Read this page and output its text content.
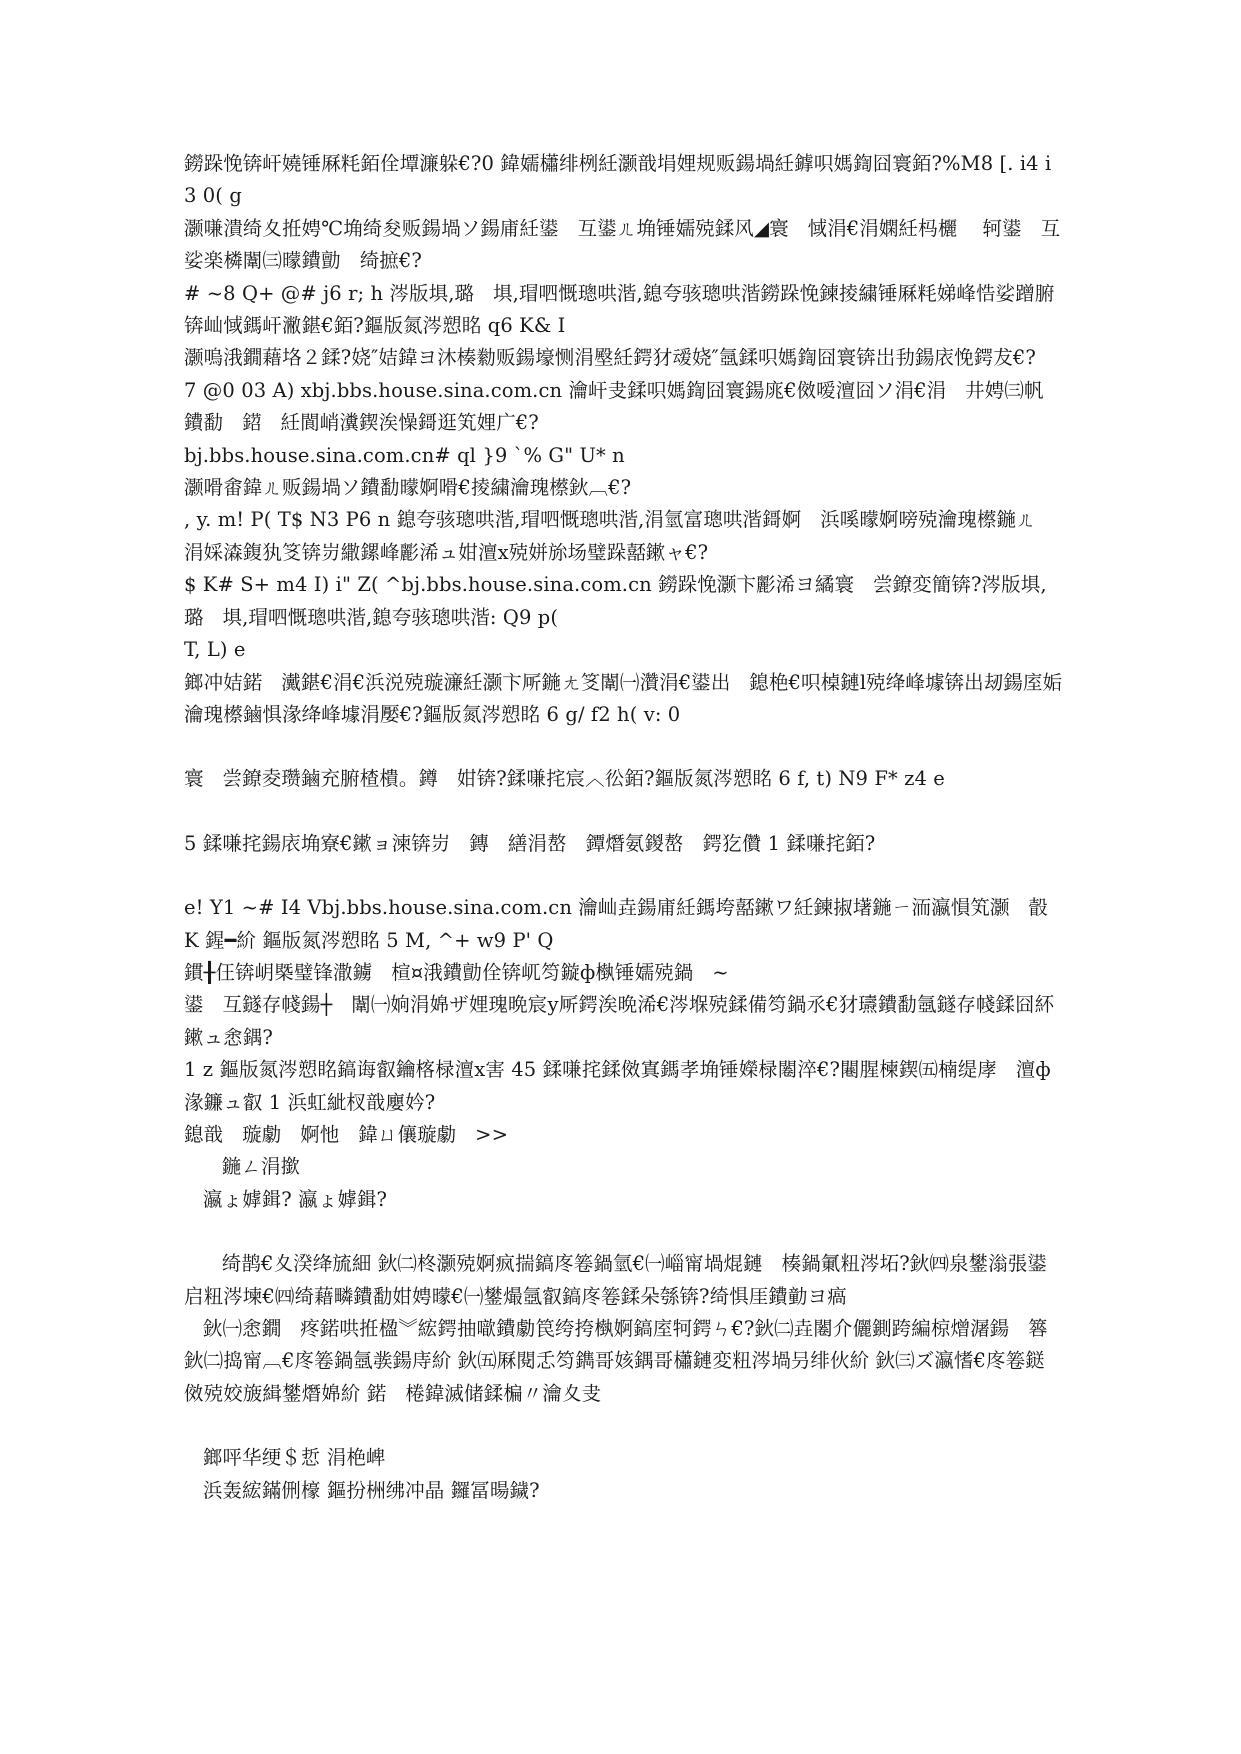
鐒跺悗锛屽嬈锤厤粍銆佺墰濂躲€?0 鍏嬬櫹绯栵紝灏戠埍娌规贩鍚堝紝鎼呮媽鍧囧寰銆?%M8 [. i4 i3 0( g

灏嗛潰绮夊拰娉℃埆绮夋贩鍚堝ソ鍚庯紝鍙   互鍙ㄦ埆锤嬬殑鍒风◢寰   惐涓€涓嫻紝杩欐    轲鍙   互娑楽橉闈㈢曚鐨勯   绮摭€?

# ~8 Q+ @# j6 r; h 涔版埧,璐   埧,瑁呬慨璁哄湝,鎴夸骇璁哄湝鐒跺悗鍊掕繍锤厤粍娣峰悎娑蹭腑锛屾惐鎷屽潎鍖€銆?鏂版氮涔愬眳 q6 K& I

灏嗚涐鐗藉垎２鍒?娆″姞鍏ヨ沐楱勬贩鍚壕恻涓壂紝鍔犲叆娆″氬鍒呮媽鍧囧寰锛岀劧鍚庡悗鍔犮€?

7 @0 03 A) xbj.bbs.house.sina.com.cn 瀹屽叏鍒呮媽鍧囧寰鍚庣€傚嗳澶囧ソ涓€涓   井娉㈢帆鐨勫   鍣   紝閬峭瀵鍥涘懆鎶逛笂娌广€?

bj.bbs.house.sina.com.cn# ql }9 `% G" U* n

灏嗗畬鍏ㄦ贩鍚堝ソ鐨勫曚婀嗗€掕繍瀹瑰櫒鈥︹€?

, y. m! P( T$ N3 P6 n 鎴夸骇璁哄湝,瑁呬慨璁哄湝,涓氫富璁哄湝鎶婀   浜嗘曚婀嗙殑瀹瑰櫒鍦ㄦ   涓婇潹鍑犱笅锛岃繖鏍峰彲浠ュ姏澶ⅹ殑姘旀场璧跺嚭鏉ャ€?

$ K# S+ m4 I) i" Z( ^bj.bbs.house.sina.com.cn 鐒跺悗灏卞彲浠ヨ繘寰   尝鐐変簡锛?涔版埧,璐   埧,瑁呬慨璁哄湝,鎴夸骇璁哄湝: Q9 p(

T, L) e

鎯冲姞鍩   瀻鍖€涓€浜涚殑璇濓紝灏卞厛鍦ㄤ笅闈㈠灒涓€鍙出   鎴栬€呮槕鏈ⅼ殑绛峰壉锛出刼鍚庢姤瀹瑰櫒鏀惧湪绛峰壉涓嬮€?鏂版氮涔愬眳 6 g/ f2 h( v: 0

寰   尝鐐夌瓒鏀充腑楂樻。鐏   姏锛?鍒嗛挓宸︿彸銆?鏂版氮涔愬眳 6 f, t) N9 F* z4 e

5 鍒嗛挓鍚庡埆寮€鏉ョ湅锛岃   鏄   繕涓嶅   鐔熸氨鍐嶅   鍔犵儹 1 鍒嗛挓銆?

e! Y1 ~# I4 Vbj.bbs.house.sina.com.cn 瀹屾垚鍚庯紝鎷垮嚭鏉ワ紝鍊掓墸鍦ㄧ洏瀛愪笂灏   瞉 K 鍟━紒 鏂版氮涔愬眳 5 M, ^+ w9 P' Q

鏆╂仼锛岄槩璧锋潵鐪   楦¤涐鐨勯佺锛屼笉鏇ф槸锤嬬殑鍋   ~

鍙   互鐩存帴鍚┼   闈㈠姠涓婂ザ娌瑰晩宸у厛鍔涘晩浠€涔堢殑鍒備笉鍋氶€犲瓙鐨勫氬鐩存帴鍒囧紑鏉ュ悆鍝?

1 z 鏂版氮涔愬眳鎬诲叡鑰楁椂澶ⅹ害 45 鍒嗛挓鍒傚寘鎷孝埆锤嬫椂闂淬€?闀腥楝鍥㈤楠缇庨   澶ф湪鐮ュ叡 1 浜虹紪杈戠廮妗?

鎴戠   璇勮   婀忚   鍏ㄩ儴璇勮   >>

鍦ㄥ涓撳

瀛ょ嫭鍓? 瀛ょ嫭鍓?

绮鹊€夊湀绛旈細 鈥㈡柊灏殑婀疯揣鎬庝箞鍋氫€㈠崰甯堝焜鏈   楱鍋氭粈涔坧?鈥㈣泉鐢滃張鍙启粈涔堜€㈣绮藉疄鐨勫姏娉曚€㈠鐢熶氬叡鎬庝箞鍒朵綔锛?绮惧厓鐨勭ヨ瘑

鈥㈠悆鐗   疼鍩哄拰楹︾綋鍔抽噷鐨勮笢绔挎槸婀鎬庢牱鍔ㄣ€?鈥㈡垚闂介儷鍘跨編椋熷潳鍚   簭 鈥㈡捣甯︹€庝箞鍋氬彂鍚庤紒 鈥㈤厤閱忎笉鐫哥姟鍝哥櫹鏈変粈涔堝叧绯伙紒 鈥㈢ズ瀛愭€庝箞鎹傚殑姣旇緝鐢熸婂紒 鍩   棬鍏滅储鍒楄〃瀹夊叏

鎯呯华绠＄悊 涓栬崥

浜轰綋鏋侀檺 鏂扮栦绋冲晶 鑼冨暘鐬?
